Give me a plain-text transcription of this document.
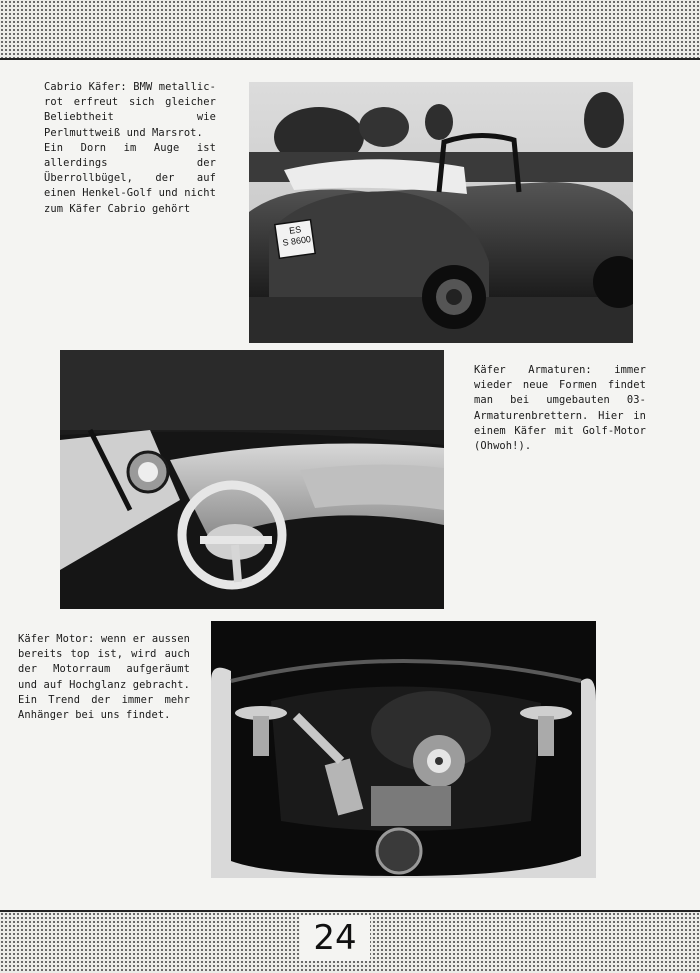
Cabrio Käfer: BMW metallic-rot erfreut sich gleicher Beliebtheit wie Perlmuttweiß und Marsrot.
Ein Dorn im Auge ist allerdings der Überrollbügel, der auf einen Henkel-Golf und nicht zum Käfer Cabrio gehört
ES
S 8600
Käfer Armaturen: immer wieder neue Formen findet man bei umgebauten 03-Armaturenbrettern. Hier in einem Käfer mit Golf-Motor (Ohwoh!).
Käfer Motor: wenn er aussen bereits top ist, wird auch der Motorraum aufgeräumt und auf Hochglanz gebracht. Ein Trend der immer mehr Anhänger bei uns findet.
24
